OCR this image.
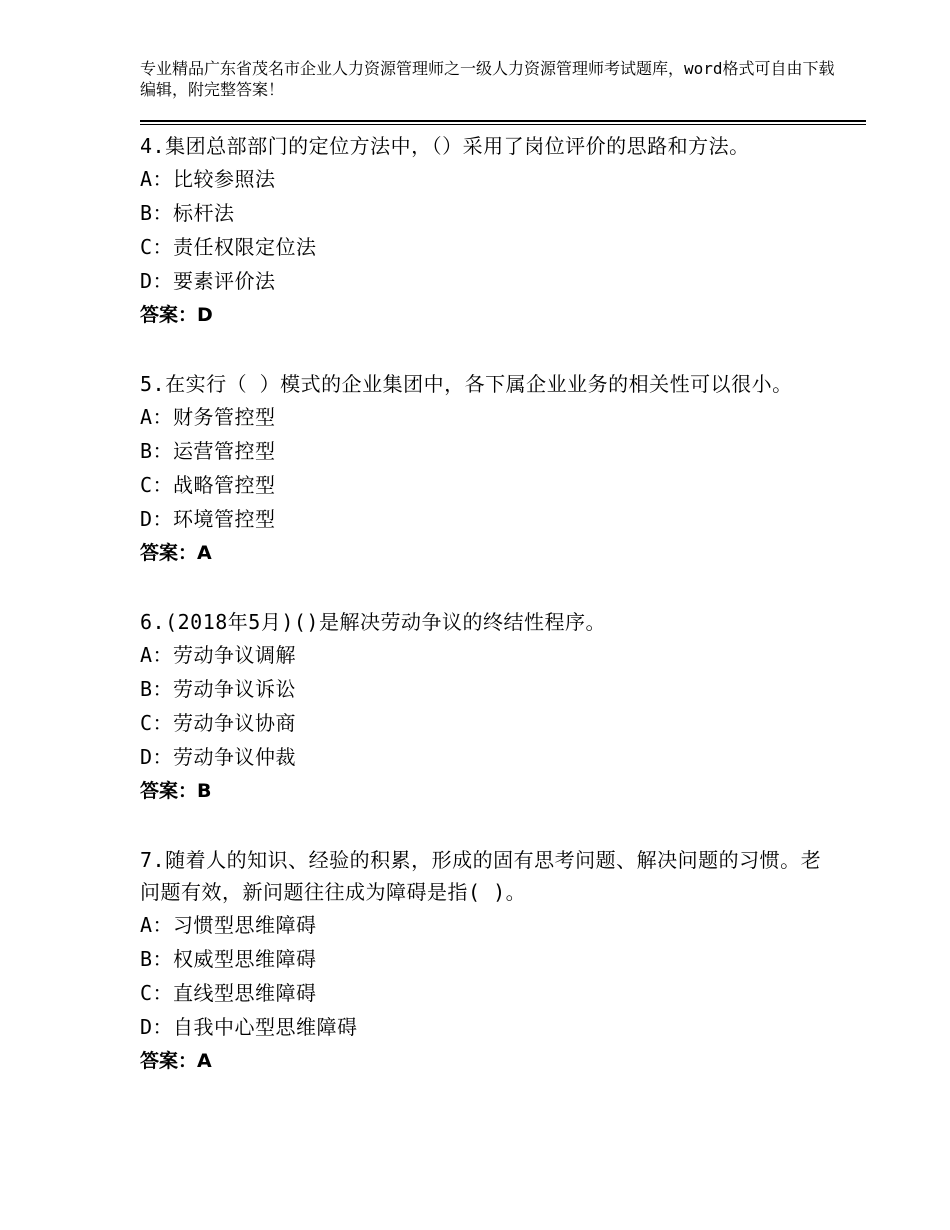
专业精品广东省茂名市企业人力资源管理师之一级人力资源管理师考试题库，word格式可自由下载编辑，附完整答案！
4.集团总部部门的定位方法中，（）采用了岗位评价的思路和方法。
A：比较参照法
B：标杆法
C：责任权限定位法
D：要素评价法
答案：D
5.在实行（ ）模式的企业集团中，各下属企业业务的相关性可以很小。
A：财务管控型
B：运营管控型
C：战略管控型
D：环境管控型
答案：A
6.(2018年5月)()是解决劳动争议的终结性程序。
A：劳动争议调解
B：劳动争议诉讼
C：劳动争议协商
D：劳动争议仲裁
答案：B
7.随着人的知识、经验的积累，形成的固有思考问题、解决问题的习惯。老问题有效，新问题往往成为障碍是指( )。
A：习惯型思维障碍
B：权威型思维障碍
C：直线型思维障碍
D：自我中心型思维障碍
答案：A
